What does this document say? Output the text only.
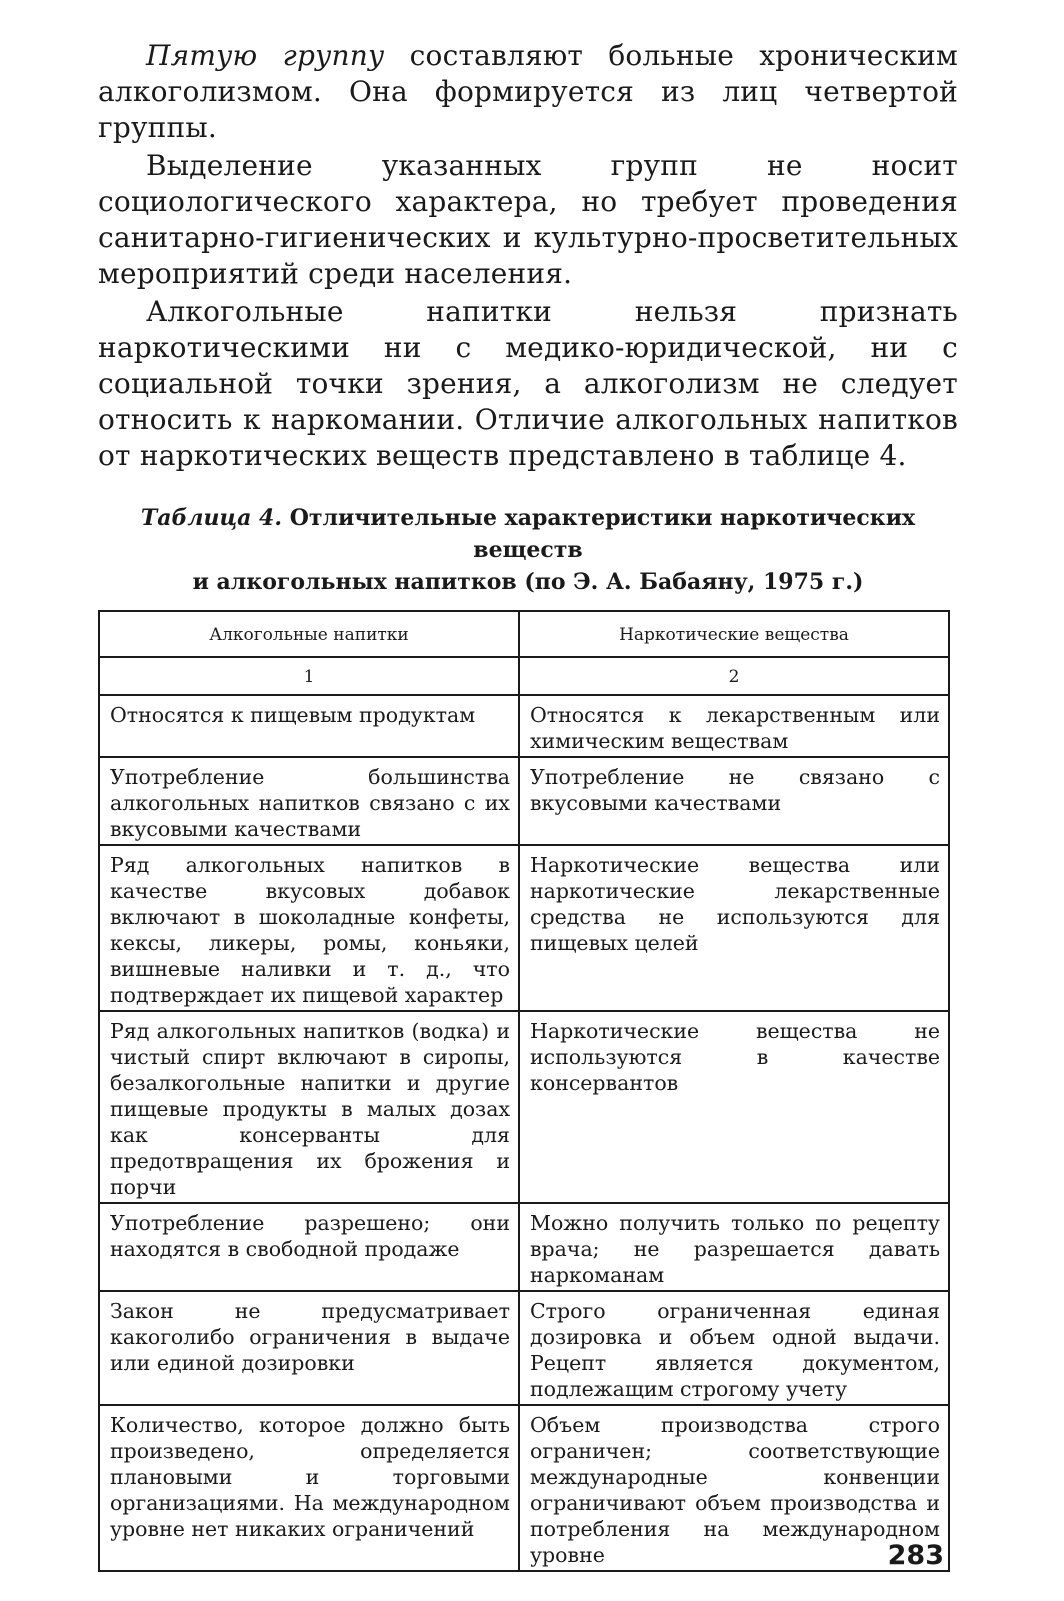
Пятую группу составляют больные хроническим алкоголизмом. Она формируется из лиц четвертой группы.

Выделение указанных групп не носит социологического характера, но требует проведения санитарно-гигиенических и культурно-просветительных мероприятий среди населения.

Алкогольные напитки нельзя признать наркотическими ни с медико-юридической, ни с социальной точки зрения, а алкоголизм не следует относить к наркомании. Отличие алкогольных напитков от наркотических веществ представлено в таблице 4.

Таблица 4. Отличительные характеристики наркотических веществ
и алкогольных напитков (по Э. А. Бабаяну, 1975 г.)
Алкогольные напитки	Наркотические вещества
1	2
Относятся к пищевым продуктам	Относятся к лекарственным или химическим веществам
Употребление большинства алкогольных напитков связано с их вкусовыми качествами	Употребление не связано с вкусовыми качествами
Ряд алкогольных напитков в качестве вкусовых добавок включают в шоколадные конфеты, кексы, ликеры, ромы, коньяки, вишневые наливки и т. д., что подтверждает их пищевой характер	Наркотические вещества или наркотические лекарственные средства не используются для пищевых целей
Ряд алкогольных напитков (водка) и чистый спирт включают в сиропы, безалкогольные напитки и другие пищевые продукты в малых дозах как консерванты для предотвращения их брожения и порчи	Наркотические вещества не используются в качестве консервантов
Употребление разрешено; они находятся в свободной продаже	Можно получить только по рецепту врача; не разрешается давать наркоманам
Закон не предусматривает какоголибо ограничения в выдаче или единой дозировки	Строго ограниченная единая дозировка и объем одной выдачи. Рецепт является документом, подлежащим строгому учету
Количество, которое должно быть произведено, определяется плановыми и торговыми организациями. На международном уровне нет никаких ограничений	Объем производства строго ограничен; соответствующие международные конвенции ограничивают объем производства и потребления на международном уровне	283
